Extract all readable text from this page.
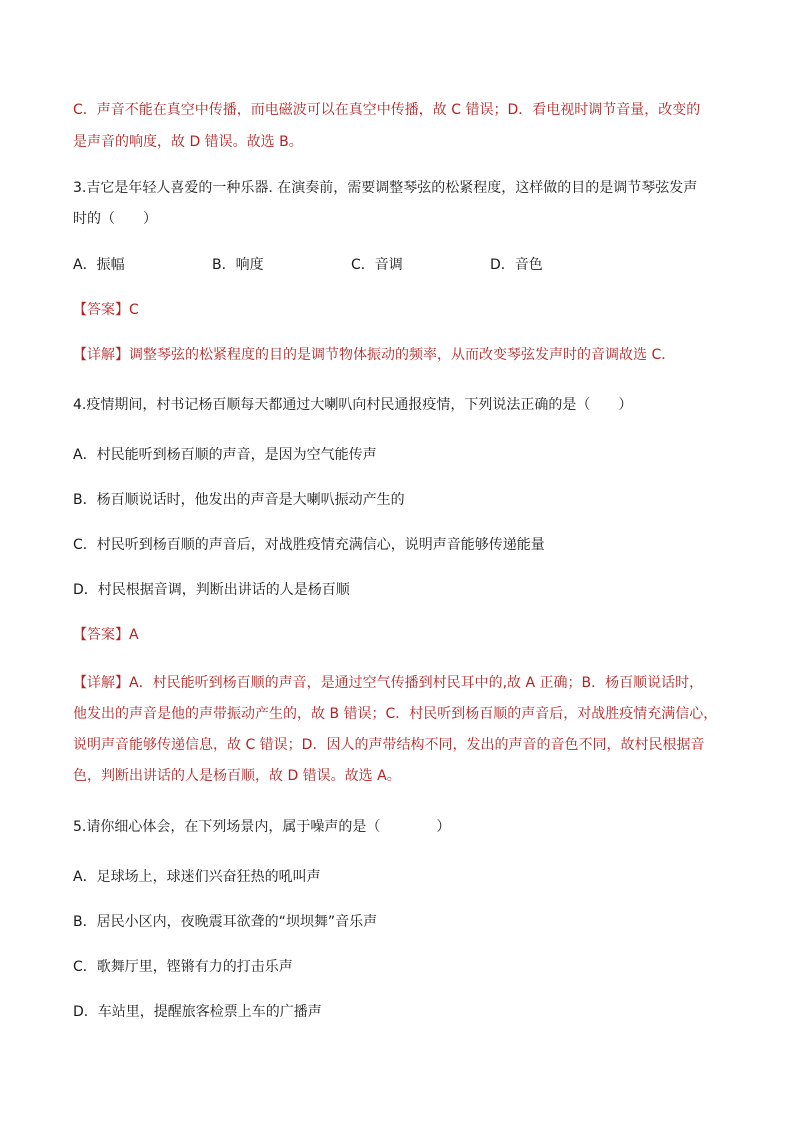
C．声音不能在真空中传播，而电磁波可以在真空中传播，故 C 错误；D．看电视时调节音量，改变的
是声音的响度，故 D 错误。故选 B。
3.吉它是年轻人喜爱的一种乐器. 在演奏前，需要调整琴弦的松紧程度，这样做的目的是调节琴弦发声
时的（　　）
A．振幅	B．响度	C．音调	D．音色
【答案】C
【详解】调整琴弦的松紧程度的目的是调节物体振动的频率，从而改变琴弦发声时的音调故选 C．
4.疫情期间，村书记杨百顺每天都通过大喇叭向村民通报疫情，下列说法正确的是（　　）
A．村民能听到杨百顺的声音，是因为空气能传声
B．杨百顺说话时，他发出的声音是大喇叭振动产生的
C．村民听到杨百顺的声音后，对战胜疫情充满信心，说明声音能够传递能量
D．村民根据音调，判断出讲话的人是杨百顺
【答案】A
【详解】A．村民能听到杨百顺的声音，是通过空气传播到村民耳中的,故 A 正确；B．杨百顺说话时，
他发出的声音是他的声带振动产生的，故 B 错误；C．村民听到杨百顺的声音后，对战胜疫情充满信心，
说明声音能够传递信息，故 C 错误；D．因人的声带结构不同，发出的声音的音色不同，故村民根据音
色，判断出讲话的人是杨百顺，故 D 错误。故选 A。
5.请你细心体会，在下列场景内，属于噪声的是（　　　　）
A．足球场上，球迷们兴奋狂热的吼叫声
B．居民小区内，夜晚震耳欲聋的“坝坝舞”音乐声
C．歌舞厅里，铿锵有力的打击乐声
D．车站里，提醒旅客检票上车的广播声
